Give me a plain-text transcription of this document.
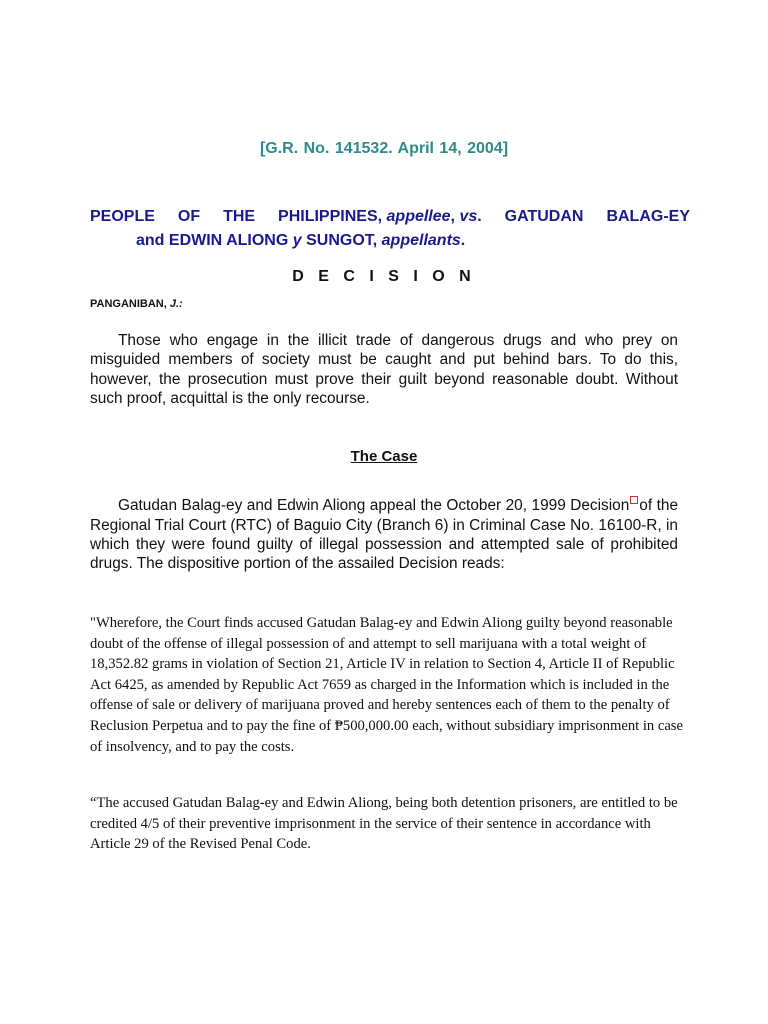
[G.R. No. 141532. April 14, 2004]
PEOPLE OF THE PHILIPPINES, appellee, vs. GATUDAN BALAG-EY
and EDWIN ALIONG y SUNGOT, appellants.
D E C I S I O N
PANGANIBAN, J.:

Those who engage in the illicit trade of dangerous drugs and who prey on misguided members of society must be caught and put behind bars. To do this, however, the prosecution must prove their guilt beyond reasonable doubt. Without such proof, acquittal is the only recourse.

The Case

Gatudan Balag-ey and Edwin Aliong appeal the October 20, 1999 Decision of the Regional Trial Court (RTC) of Baguio City (Branch 6) in Criminal Case No. 16100-R, in which they were found guilty of illegal possession and attempted sale of prohibited drugs. The dispositive portion of the assailed Decision reads:

"Wherefore, the Court finds accused Gatudan Balag-ey and Edwin Aliong guilty beyond reasonable doubt of the offense of illegal possession of and attempt to sell marijuana with a total weight of 18,352.82 grams in violation of Section 21, Article IV in relation to Section 4, Article II of Republic Act 6425, as amended by Republic Act 7659 as charged in the Information which is included in the offense of sale or delivery of marijuana proved and hereby sentences each of them to the penalty of Reclusion Perpetua and to pay the fine of ₱500,000.00 each, without subsidiary imprisonment in case of insolvency, and to pay the costs.

“The accused Gatudan Balag-ey and Edwin Aliong, being both detention prisoners, are entitled to be credited 4/5 of their preventive imprisonment in the service of their sentence in accordance with Article 29 of the Revised Penal Code.
